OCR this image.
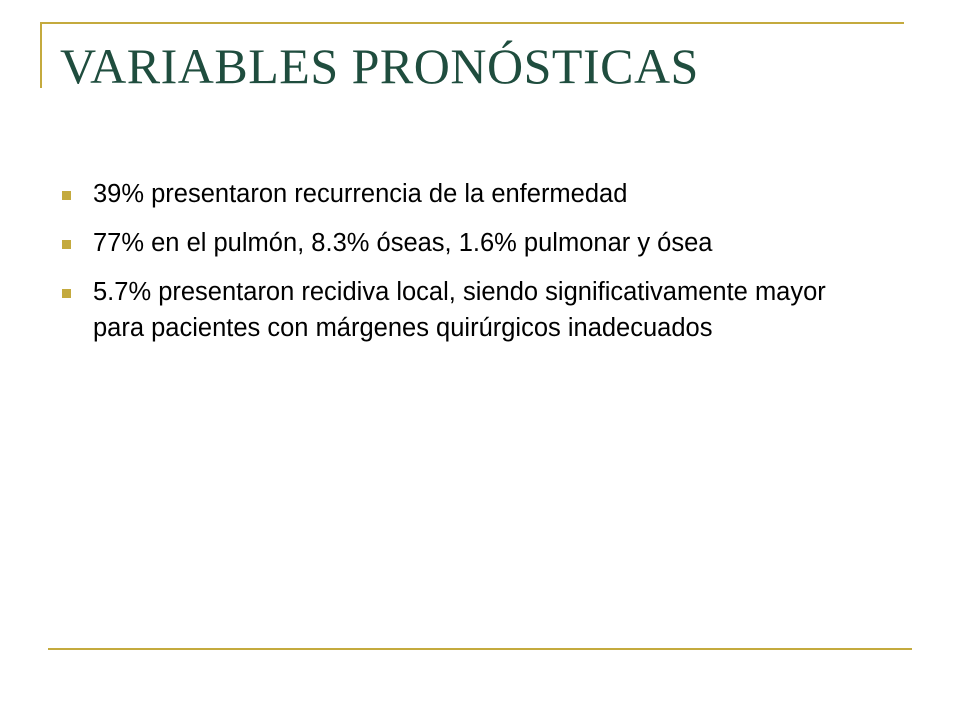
VARIABLES PRONÓSTICAS
39% presentaron recurrencia de la enfermedad
77% en el pulmón, 8.3% óseas, 1.6% pulmonar y ósea
5.7% presentaron recidiva local, siendo significativamente mayor para pacientes con márgenes quirúrgicos inadecuados
